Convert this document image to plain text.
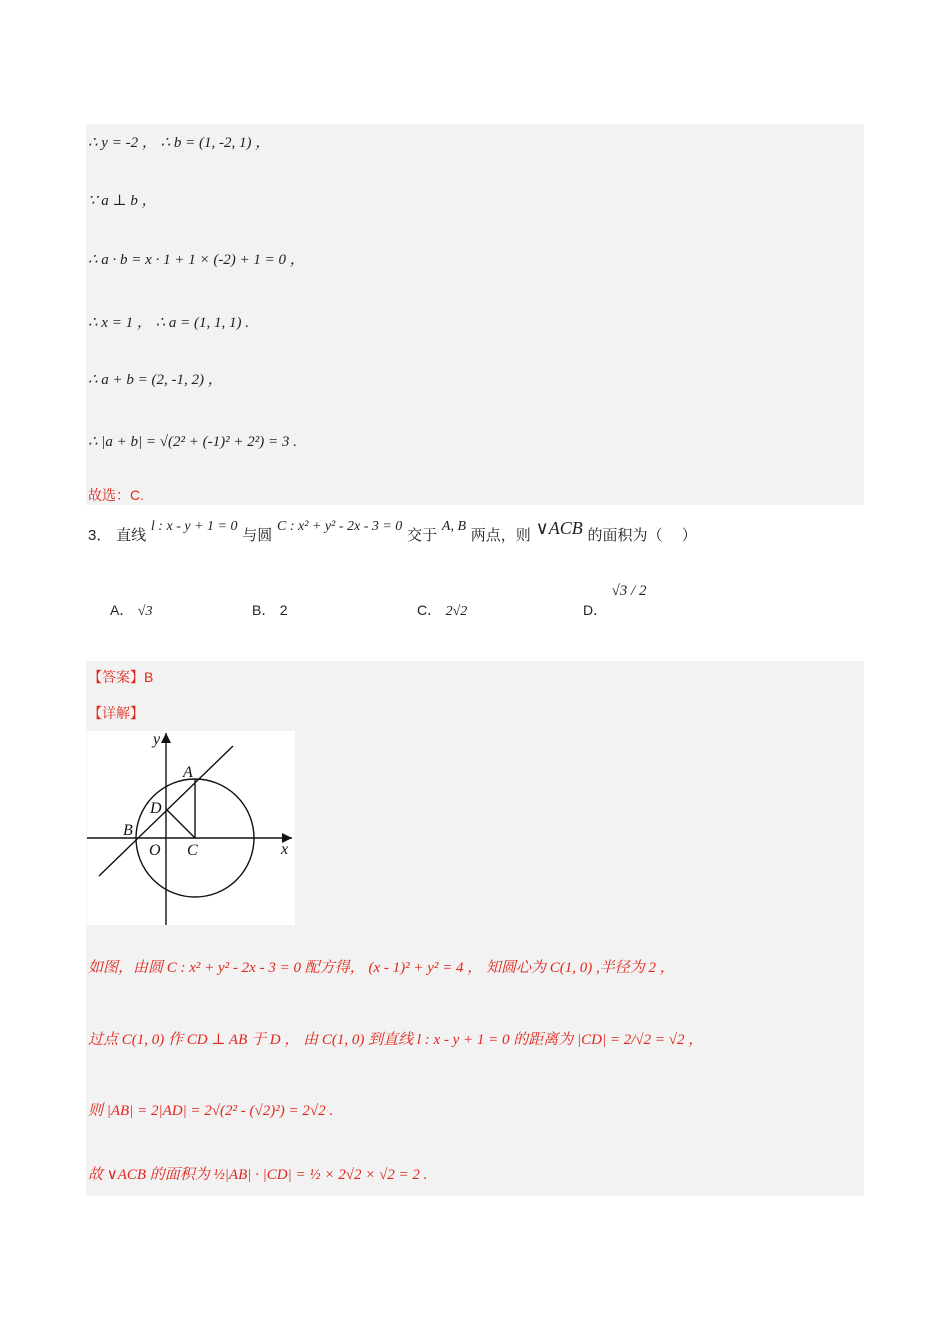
∴ y = -2 ， ∴ b = (1, -2, 1) ，
∵ a ⊥ b ，
∴ a · b = x · 1 + 1 × (-2) + 1 = 0 ，
∴ x = 1 ， ∴ a = (1, 1, 1) .
∴ a + b = (2, -1, 2) ，
∴ |a + b| = √(2² + (-1)² + 2²) = 3 .
故选：C.
3． 直线 l : x - y + 1 = 0 与圆 C : x² + y² - 2x - 3 = 0 交于 A, B 两点，则 ∨ACB 的面积为（　 ）
A． √3	B． 2	C． 2√2	D． √3 / 2
【答案】B
【详解】
y
x
A
D
B
O C
如图，由圆 C : x² + y² - 2x - 3 = 0 配方得， (x - 1)² + y² = 4 ， 知圆心为 C(1, 0) ,半径为 2 ，
过点 C(1, 0) 作 CD ⊥ AB 于 D ， 由 C(1, 0) 到直线 l : x - y + 1 = 0 的距离为 |CD| = 2/√2 = √2 ，
则 |AB| = 2|AD| = 2√(2² - (√2)²) = 2√2 .
故 ∨ACB 的面积为 ½|AB| · |CD| = ½ × 2√2 × √2 = 2 .
